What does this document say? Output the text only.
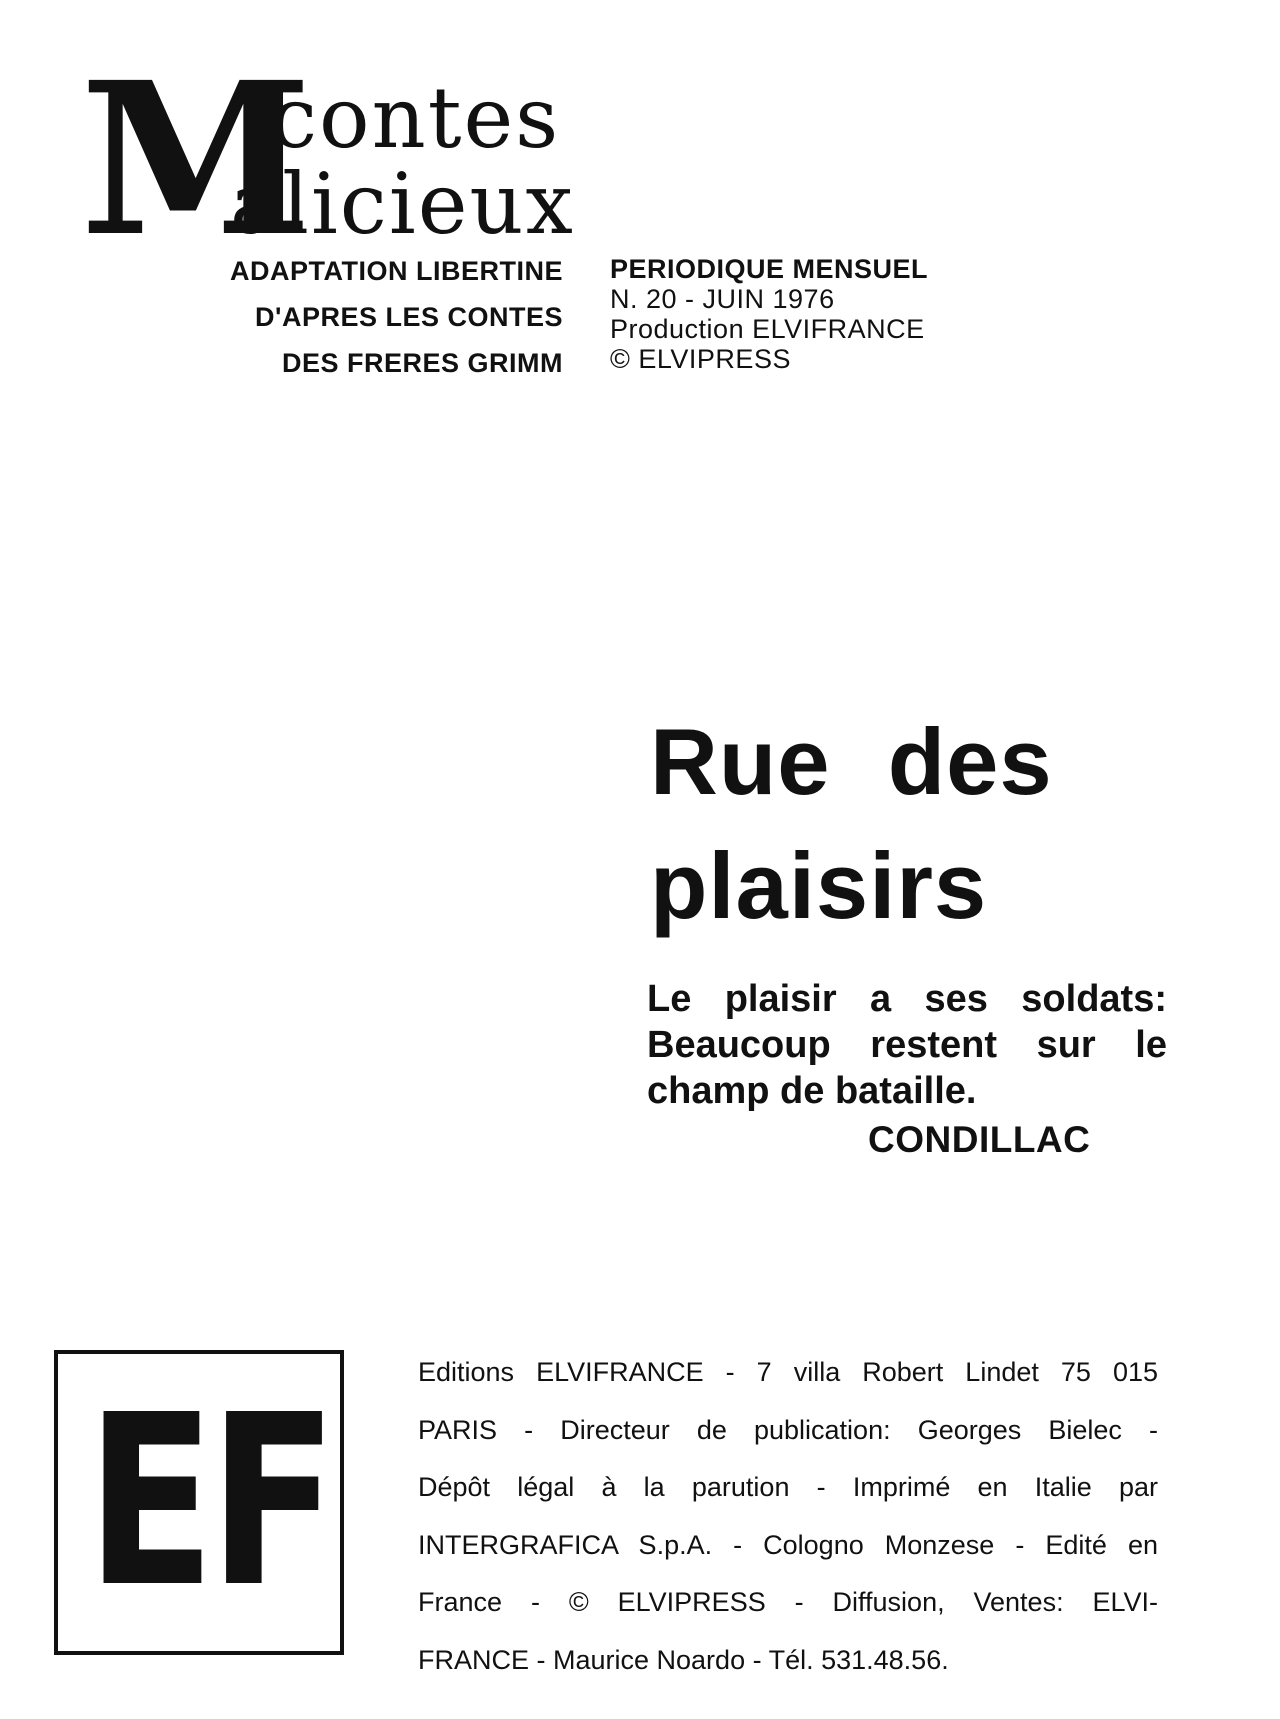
M
contes
alicieux
ADAPTATION LIBERTINE
D'APRES LES CONTES
DES FRERES GRIMM
PERIODIQUE MENSUEL
N. 20 - JUIN 1976
Production ELVIFRANCE
© ELVIPRESS
Rue des
plaisirs
Le plaisir a ses soldats:
Beaucoup restent sur le
champ de bataille.
CONDILLAC
EF	Editions ELVIFRANCE - 7 villa Robert Lindet 75 015
PARIS - Directeur de publication: Georges Bielec -
Dépôt légal à la parution - Imprimé en Italie par
INTERGRAFICA S.p.A. - Cologno Monzese - Edité en
France - © ELVIPRESS - Diffusion, Ventes: ELVI-
FRANCE - Maurice Noardo - Tél. 531.48.56.
